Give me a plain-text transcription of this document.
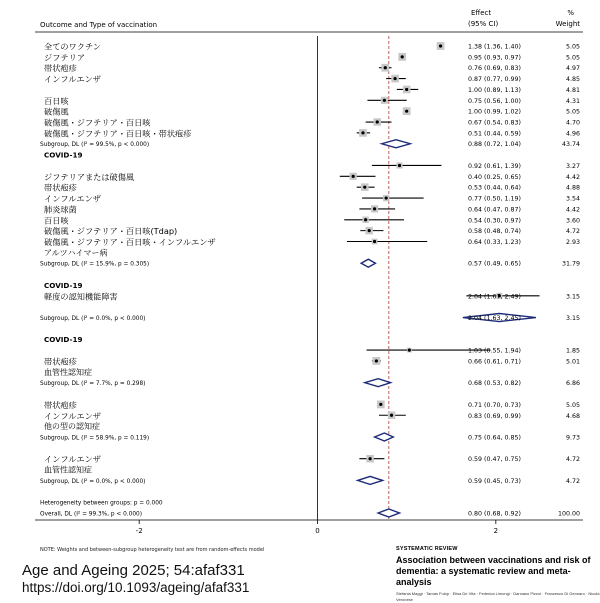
Outcome and Type of vaccination
Effect
(95% CI)
%
Weight
全てのワクチン	1.38 (1.36, 1.40)	5.05
ジフテリア	0.95 (0.93, 0.97)	5.05
帯状疱疹	0.76 (0.69, 0.83)	4.97
インフルエンザ	0.87 (0.77, 0.99)	4.85
1.00 (0.89, 1.13)	4.81
百日咳	0.75 (0.56, 1.00)	4.31
破傷風	1.00 (0.99, 1.02)	5.05
破傷風・ジフテリア・百日咳	0.67 (0.54, 0.83)	4.70
破傷風・ジフテリア・百日咳・帯状疱疹	0.51 (0.44, 0.59)	4.96
Subgroup, DL (I² = 99.5%, p < 0.000)	0.88 (0.72, 1.04)	43.74
COVID-19
0.92 (0.61, 1.39)	3.27
ジフテリアまたは破傷風	0.40 (0.25, 0.65)	4.42
帯状疱疹	0.53 (0.44, 0.64)	4.88
インフルエンザ	0.77 (0.50, 1.19)	3.54
肺炎球菌	0.64 (0.47, 0.87)	4.42
百日咳	0.54 (0.30, 0.97)	3.60
破傷風・ジフテリア・百日咳(Tdap)	0.58 (0.48, 0.74)	4.72
破傷風・ジフテリア・百日咳・インフルエンザ	0.64 (0.33, 1.23)	2.93
アルツハイマー病
Subgroup, DL (I² = 15.9%, p = 0.305)	0.57 (0.49, 0.65)	31.79
COVID-19
軽度の認知機能障害	2.04 (1.67, 2.49)	3.15
Subgroup, DL (I² = 0.0%, p < 0.000)	2.04 (1.63, 2.45)	3.15
COVID-19
1.03 (0.55, 1.94)	1.85
帯状疱疹	0.66 (0.61, 0.71)	5.01
血管性認知症
Subgroup, DL (I² = 7.7%, p = 0.298)	0.68 (0.53, 0.82)	6.86
帯状疱疹	0.71 (0.70, 0.73)	5.05
インフルエンザ	0.83 (0.69, 0.99)	4.68
他の型の認知症
Subgroup, DL (I² = 58.9%, p = 0.119)	0.75 (0.64, 0.85)	9.73
インフルエンザ	0.59 (0.47, 0.75)	4.72
血管性認知症
Subgroup, DL (I² = 0.0%, p < 0.000)	0.59 (0.45, 0.73)	4.72
Heterogeneity between groups: p = 0.000
Overall, DL (I² = 99.3%, p < 0.000)	0.80 (0.68, 0.92)	100.00
-2	0	2
NOTE: Weights and between-subgroup heterogeneity test are from random-effects model
Age and Ageing 2025; 54:afaf331
https://doi.org/10.1093/ageing/afaf331
SYSTEMATIC REVIEW
Association between vaccinations and risk of dementia: a systematic review and meta-analysis
Stefania Maggi · Tamas Fulop · Elisa De Vita · Federica Limongi · Dannaso Pizzol · Francesco Di Gennaro · Nicola Veronese
